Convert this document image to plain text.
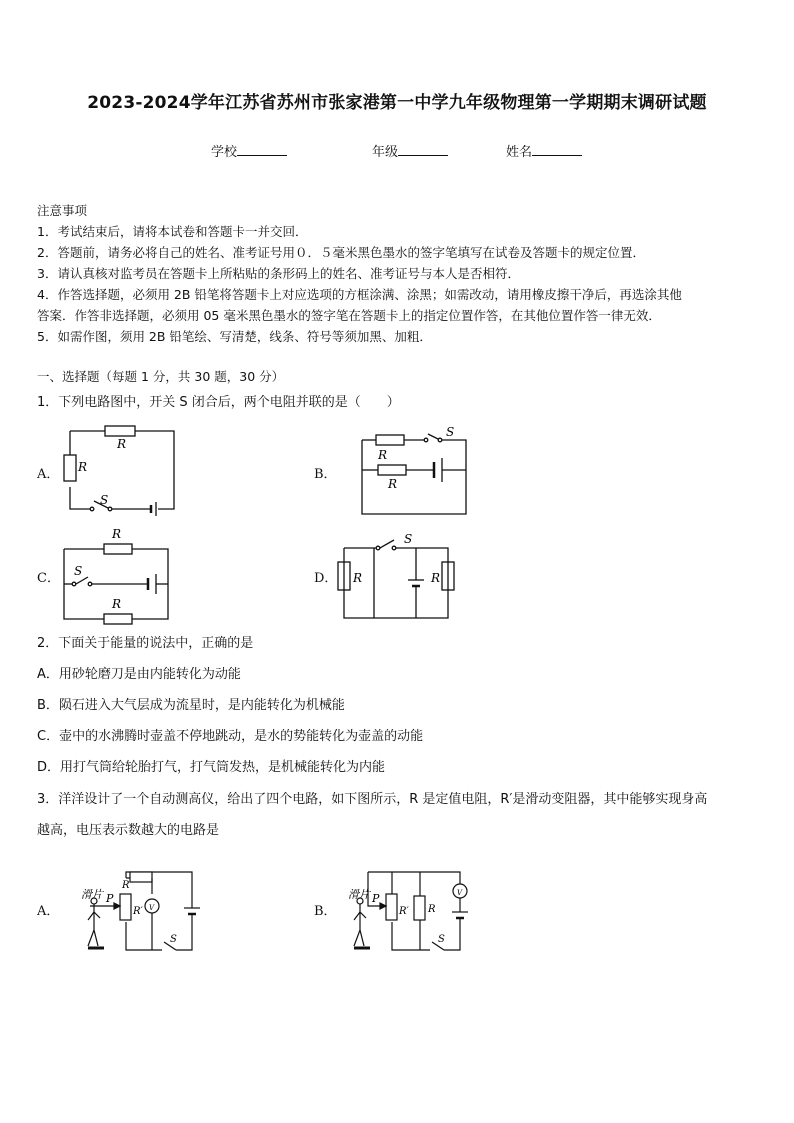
2023-2024学年江苏省苏州市张家港第一中学九年级物理第一学期期末调研试题
学校	年级	姓名
注意事项
1．考试结束后，请将本试卷和答题卡一并交回．
2．答题前，请务必将自己的姓名、准考证号用０．５毫米黑色墨水的签字笔填写在试卷及答题卡的规定位置．
3．请认真核对监考员在答题卡上所粘贴的条形码上的姓名、准考证号与本人是否相符．
4．作答选择题，必须用 2B 铅笔将答题卡上对应选项的方框涂满、涂黑；如需改动，请用橡皮擦干净后，再选涂其他
答案．作答非选择题，必须用 05 毫米黑色墨水的签字笔在答题卡上的指定位置作答，在其他位置作答一律无效．
5．如需作图，须用 2B 铅笔绘、写清楚，线条、符号等须加黑、加粗．
一、选择题（每题 1 分，共 30 题，30 分）
1．下列电路图中，开关 S 闭合后，两个电阻并联的是（　　）
A．
R
R
S
B．
R
R
S
C．
R
R
S	D． R	R
S
2．下面关于能量的说法中，正确的是
A．用砂轮磨刀是由内能转化为动能
B．陨石进入大气层成为流星时，是内能转化为机械能
C．壶中的水沸腾时壶盖不停地跳动，是水的势能转化为壶盖的动能
D．用打气筒给轮胎打气，打气筒发热，是机械能转化为内能
3．洋洋设计了一个自动测高仪，给出了四个电路，如下图所示，R 是定值电阻，R′是滑动变阻器，其中能够实现身高
越高，电压表示数越大的电路是
A．
滑片 P
R
R′ V
S
B．
滑片 P
R′ R
V
S
